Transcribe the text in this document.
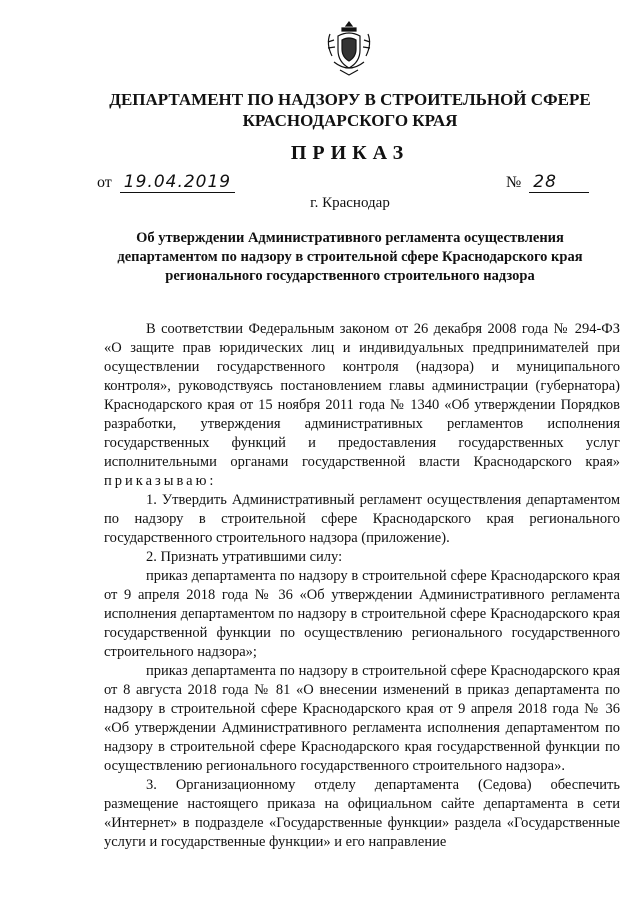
ДЕПАРТАМЕНТ ПО НАДЗОРУ В СТРОИТЕЛЬНОЙ СФЕРЕ
КРАСНОДАРСКОГО КРАЯ
ПРИКАЗ
от 19.04.2019	№ 28
г. Краснодар
Об утверждении Административного регламента осуществления
департаментом по надзору в строительной сфере Краснодарского края
регионального государственного строительного надзора

В соответствии Федеральным законом от 26 декабря 2008 года № 294-ФЗ «О защите прав юридических лиц и индивидуальных предпринимателей при осуществлении государственного контроля (надзора) и муниципального контроля», руководствуясь постановлением главы администрации (губернатора) Краснодарского края от 15 ноября 2011 года № 1340 «Об утверждении Порядков разработки, утверждения административных регламентов исполнения государственных функций и предоставления государственных услуг исполнительными органами государственной власти Краснодарского края» приказываю:

1. Утвердить Административный регламент осуществления департаментом по надзору в строительной сфере Краснодарского края регионального государственного строительного надзора (приложение).

2. Признать утратившими силу:

приказ департамента по надзору в строительной сфере Краснодарского края от 9 апреля 2018 года № 36 «Об утверждении Административного регламента исполнения департаментом по надзору в строительной сфере Краснодарского края государственной функции по осуществлению регионального государственного строительного надзора»;

приказ департамента по надзору в строительной сфере Краснодарского края от 8 августа 2018 года № 81 «О внесении изменений в приказ департамента по надзору в строительной сфере Краснодарского края от 9 апреля 2018 года № 36 «Об утверждении Административного регламента исполнения департаментом по надзору в строительной сфере Краснодарского края государственной функции по осуществлению регионального государственного строительного надзора».

3. Организационному отделу департамента (Седова) обеспечить размещение настоящего приказа на официальном сайте департамента в сети «Интернет» в подразделе «Государственные функции» раздела «Государственные услуги и государственные функции» и его направление
